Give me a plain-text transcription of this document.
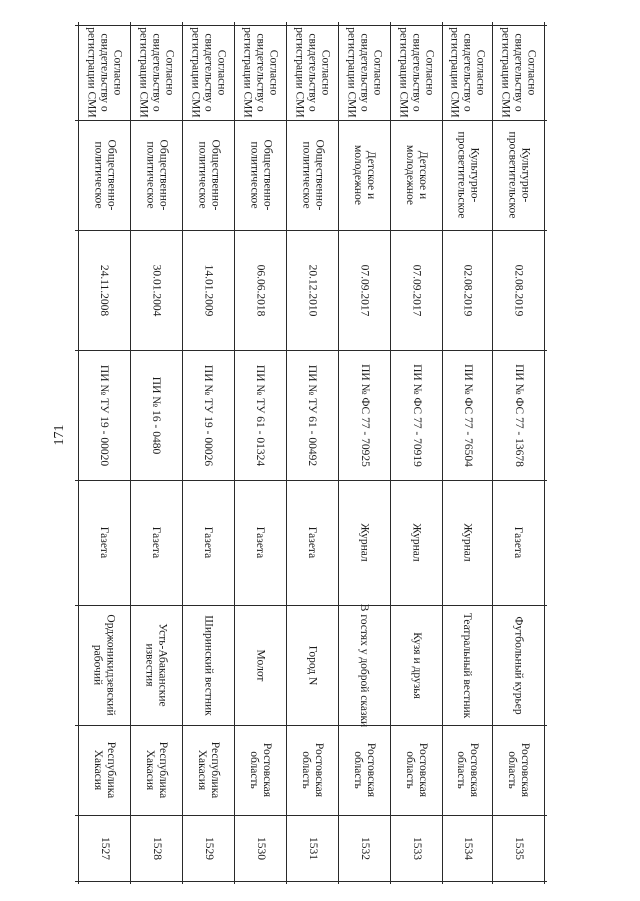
171
Согласно
свидетельству о
регистрации СМИ
Общественно-
политическое
24.11.2008
ПИ № ТУ 19 - 00020
Газета
Орджоникидзевский
рабочий
Республика
Хакасия
1527
Согласно
свидетельству о
регистрации СМИ
Общественно-
политическое
30.01.2004
ПИ № 16 - 0480
Газета
Усть-Абаканские
известия
Республика
Хакасия
1528
Согласно
свидетельству о
регистрации СМИ
Общественно-
политическое
14.01.2009
ПИ № ТУ 19 - 00026
Газета
Ширинский вестник
Республика
Хакасия
1529
Согласно
свидетельству о
регистрации СМИ
Общественно-
политическое
06.06.2018
ПИ № ТУ 61 - 01324
Газета
Молот
Ростовская
область
1530
Согласно
свидетельству о
регистрации СМИ
Общественно-
политическое
20.12.2010
ПИ № ТУ 61 - 00492
Газета
Город N
Ростовская
область
1531
Согласно
свидетельству о
регистрации СМИ
Детское и
молодежное
07.09.2017
ПИ № ФС 77 - 70925
Журнал
В гостях у доброй сказки
Ростовская
область
1532
Согласно
свидетельству о
регистрации СМИ
Детское и
молодежное
07.09.2017
ПИ № ФС 77 - 70919
Журнал
Кузя и друзья
Ростовская
область
1533
Согласно
свидетельству о
регистрации СМИ
Культурно-
просветительское
02.08.2019
ПИ № ФС 77 - 76504
Журнал
Театральный вестник
Ростовская
область
1534
Согласно
свидетельству о
регистрации СМИ
Культурно-
просветительское
02.08.2019
ПИ № ФС 77 - 13678
Газета
Футбольный курьер
Ростовская
область
1535
